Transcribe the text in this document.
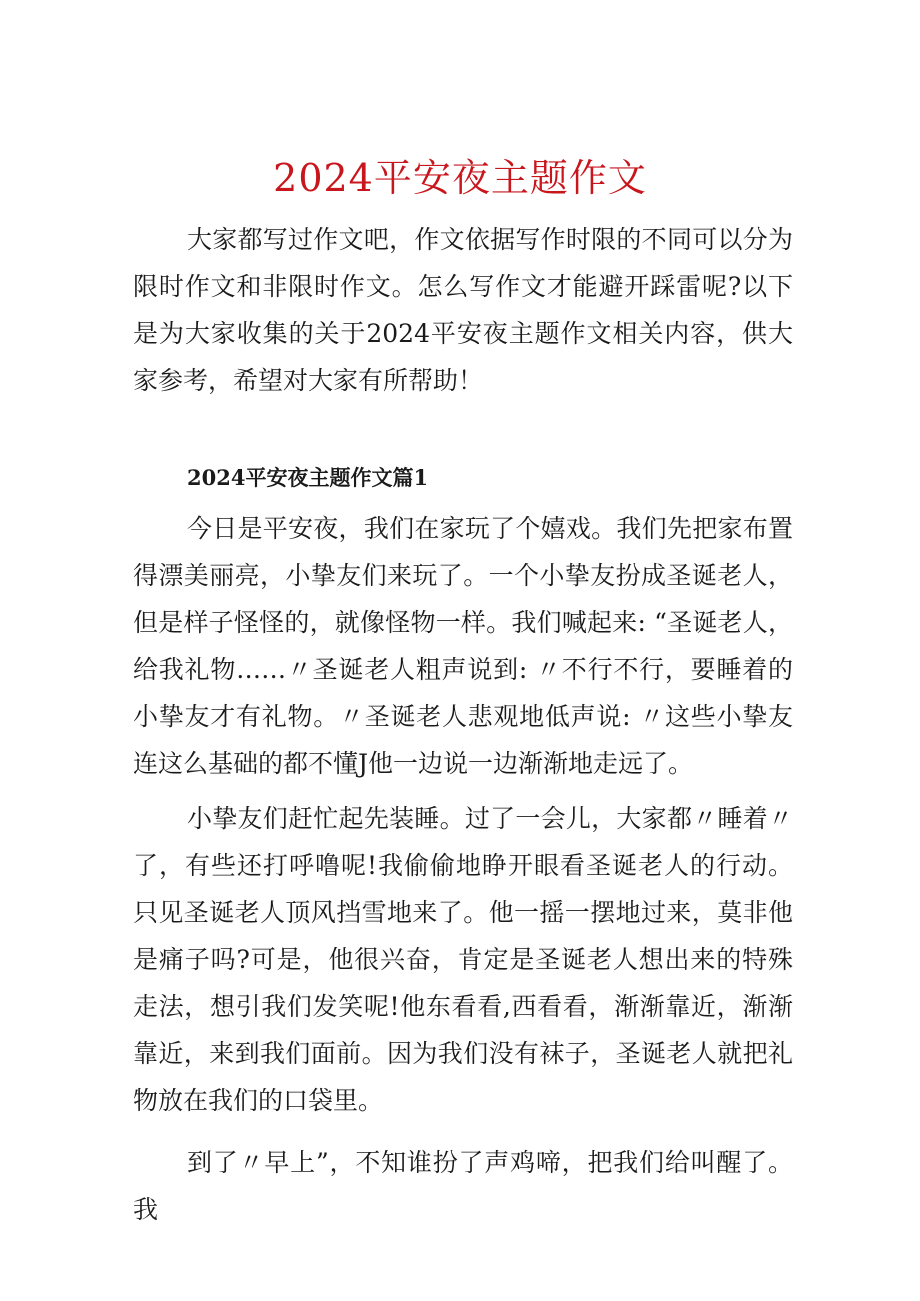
2024平安夜主题作文

大家都写过作文吧，作文依据写作时限的不同可以分为限时作文和非限时作文。怎么写作文才能避开踩雷呢?以下是为大家收集的关于2024平安夜主题作文相关内容，供大家参考，希望对大家有所帮助！

2024平安夜主题作文篇1

今日是平安夜，我们在家玩了个嬉戏。我们先把家布置得漂美丽亮，小挚友们来玩了。一个小挚友扮成圣诞老人，但是样子怪怪的，就像怪物一样。我们喊起来: “圣诞老人，给我礼物……〃圣诞老人粗声说到: 〃不行不行，要睡着的小挚友才有礼物。〃圣诞老人悲观地低声说: 〃这些小挚友连这么基础的都不懂J他一边说一边渐渐地走远了。

小挚友们赶忙起先装睡。过了一会儿，大家都〃睡着〃了，有些还打呼噜呢!我偷偷地睁开眼看圣诞老人的行动。只见圣诞老人顶风挡雪地来了。他一摇一摆地过来，莫非他是痛子吗?可是，他很兴奋，肯定是圣诞老人想出来的特殊走法，想引我们发笑呢!他东看看,西看看，渐渐靠近，渐渐靠近，来到我们面前。因为我们没有袜子，圣诞老人就把礼物放在我们的口袋里。

到了〃早上”，不知谁扮了声鸡啼，把我们给叫醒了。我
